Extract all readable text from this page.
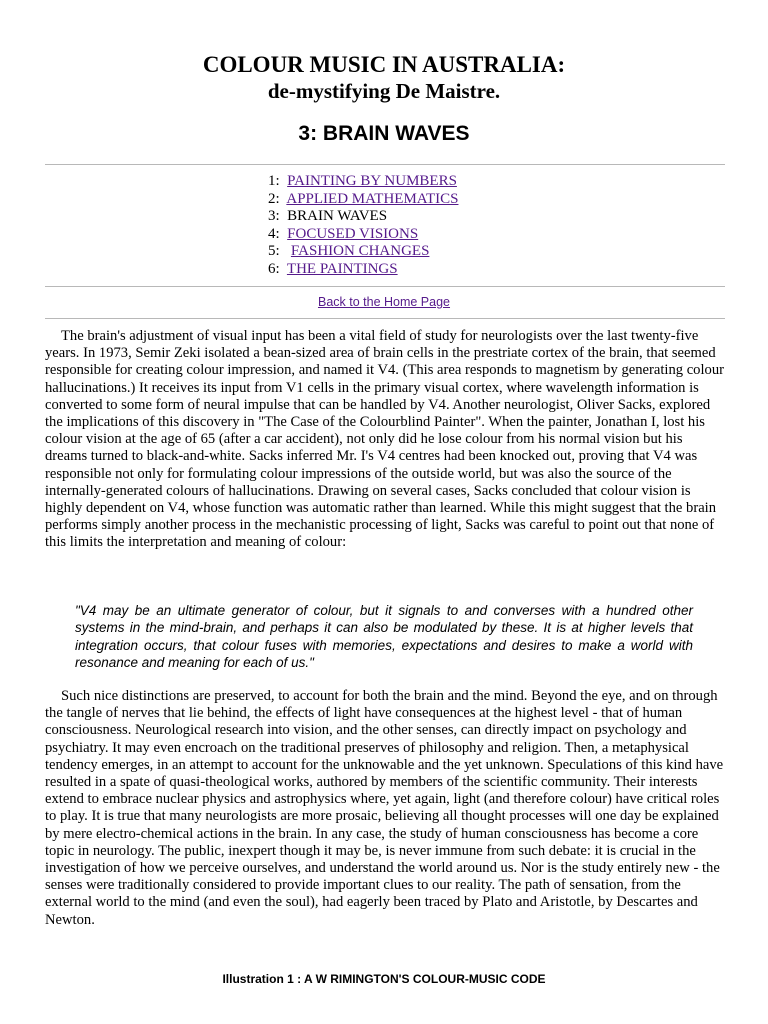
COLOUR MUSIC IN AUSTRALIA:
de-mystifying De Maistre.
3: BRAIN WAVES
1: PAINTING BY NUMBERS
2: APPLIED MATHEMATICS
3: BRAIN WAVES
4: FOCUSED VISIONS
5: FASHION CHANGES
6: THE PAINTINGS
Back to the Home Page
The brain's adjustment of visual input has been a vital field of study for neurologists over the last twenty-five years. In 1973, Semir Zeki isolated a bean-sized area of brain cells in the prestriate cortex of the brain, that seemed responsible for creating colour impression, and named it V4. (This area responds to magnetism by generating colour hallucinations.) It receives its input from V1 cells in the primary visual cortex, where wavelength information is converted to some form of neural impulse that can be handled by V4. Another neurologist, Oliver Sacks, explored the implications of this discovery in "The Case of the Colourblind Painter". When the painter, Jonathan I, lost his colour vision at the age of 65 (after a car accident), not only did he lose colour from his normal vision but his dreams turned to black-and-white. Sacks inferred Mr. I's V4 centres had been knocked out, proving that V4 was responsible not only for formulating colour impressions of the outside world, but was also the source of the internally-generated colours of hallucinations. Drawing on several cases, Sacks concluded that colour vision is highly dependent on V4, whose function was automatic rather than learned. While this might suggest that the brain performs simply another process in the mechanistic processing of light, Sacks was careful to point out that none of this limits the interpretation and meaning of colour:
"V4 may be an ultimate generator of colour, but it signals to and converses with a hundred other systems in the mind-brain, and perhaps it can also be modulated by these. It is at higher levels that integration occurs, that colour fuses with memories, expectations and desires to make a world with resonance and meaning for each of us."
Such nice distinctions are preserved, to account for both the brain and the mind. Beyond the eye, and on through the tangle of nerves that lie behind, the effects of light have consequences at the highest level - that of human consciousness. Neurological research into vision, and the other senses, can directly impact on psychology and psychiatry. It may even encroach on the traditional preserves of philosophy and religion. Then, a metaphysical tendency emerges, in an attempt to account for the unknowable and the yet unknown. Speculations of this kind have resulted in a spate of quasi-theological works, authored by members of the scientific community. Their interests extend to embrace nuclear physics and astrophysics where, yet again, light (and therefore colour) have critical roles to play. It is true that many neurologists are more prosaic, believing all thought processes will one day be explained by mere electro-chemical actions in the brain. In any case, the study of human consciousness has become a core topic in neurology. The public, inexpert though it may be, is never immune from such debate: it is crucial in the investigation of how we perceive ourselves, and understand the world around us. Nor is the study entirely new - the senses were traditionally considered to provide important clues to our reality. The path of sensation, from the external world to the mind (and even the soul), had eagerly been traced by Plato and Aristotle, by Descartes and Newton.
Illustration 1 : A W RIMINGTON'S COLOUR-MUSIC CODE
